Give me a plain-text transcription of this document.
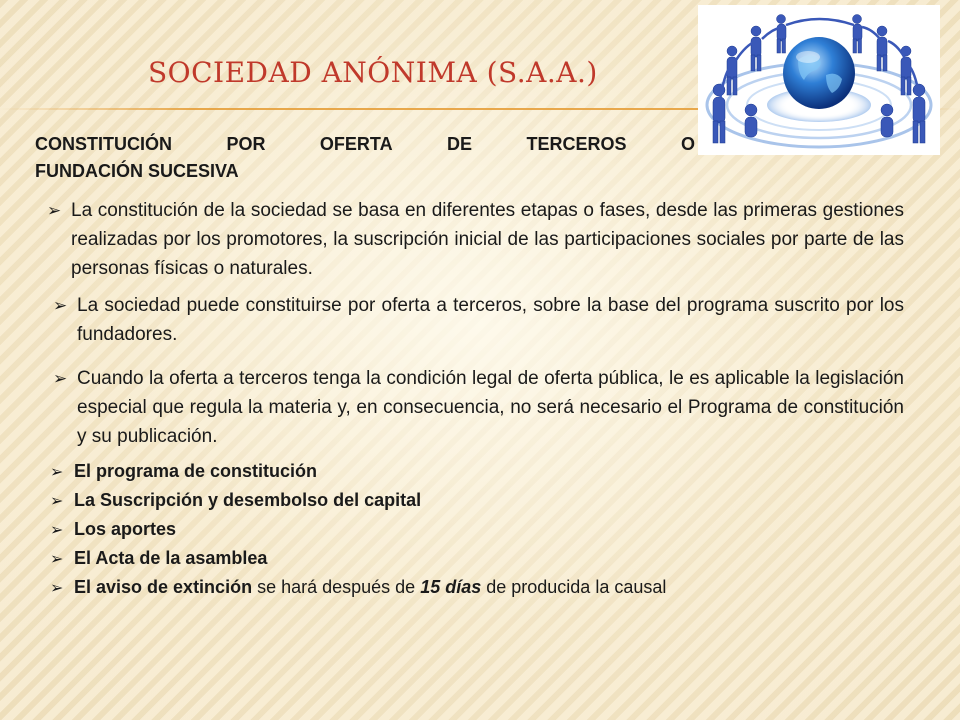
SOCIEDAD ANÓNIMA (S.A.A.)
CONSTITUCIÓN	POR	OFERTA	DE	TERCEROS	O
FUNDACIÓN SUCESIVA
➢ La constitución de la sociedad se basa en diferentes etapas o fases, desde las primeras gestiones realizadas por los promotores, la suscripción inicial de las participaciones sociales por parte de las personas físicas o naturales.
➢ La sociedad puede constituirse por oferta a terceros, sobre la base del programa suscrito por los fundadores.
➢ Cuando la oferta a terceros tenga la condición legal de oferta pública, le es aplicable la legislación especial que regula la materia y, en consecuencia, no será necesario el Programa de constitución y su publicación.
➢ El programa de constitución
➢ La Suscripción y desembolso del capital
➢ Los aportes
➢ El Acta de la asamblea
➢ El aviso de extinción se hará después de 15 días de producida la causal
